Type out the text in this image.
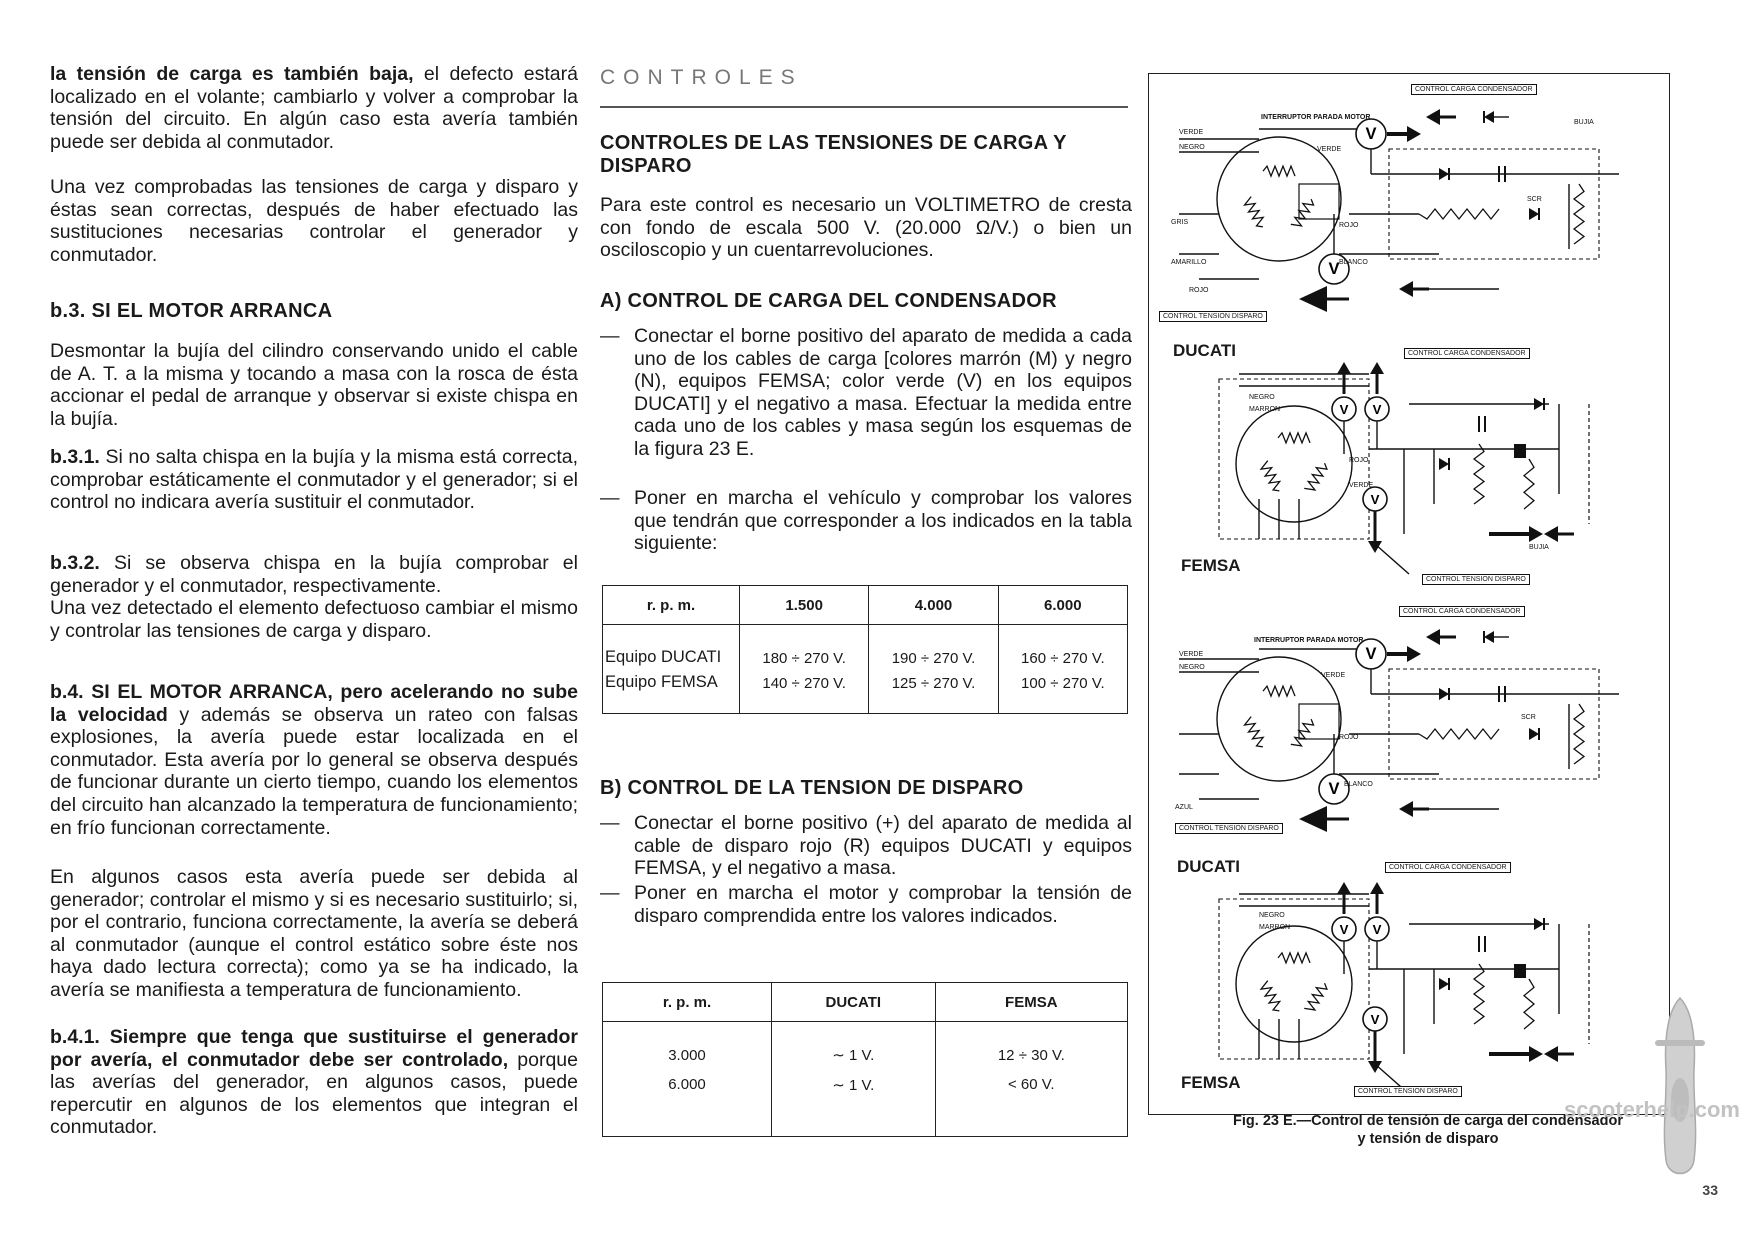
la tensión de carga es también baja, el defecto estará localizado en el volante; cambiarlo y volver a comprobar la tensión del circuito. En algún caso esta avería también puede ser debida al conmutador.

Una vez comprobadas las tensiones de carga y disparo y éstas sean correctas, después de haber efectuado las sustituciones necesarias controlar el generador y conmutador.

b.3. SI EL MOTOR ARRANCA

Desmontar la bujía del cilindro conservando unido el cable de A. T. a la misma y tocando a masa con la rosca de ésta accionar el pedal de arranque y observar si existe chispa en la bujía.

b.3.1. Si no salta chispa en la bujía y la misma está correcta, comprobar estáticamente el conmutador y el generador; si el control no indicara avería sustituir el conmutador.

b.3.2. Si se observa chispa en la bujía comprobar el generador y el conmutador, respectivamente.

Una vez detectado el elemento defectuoso cambiar el mismo y controlar las tensiones de carga y disparo.

b.4. SI EL MOTOR ARRANCA, pero acelerando no sube la velocidad y además se observa un rateo con falsas explosiones, la avería puede estar localizada en el conmutador. Esta avería por lo general se observa después de funcionar durante un cierto tiempo, cuando los elementos del circuito han alcanzado la temperatura de funcionamiento; en frío funcionan correctamente.

En algunos casos esta avería puede ser debida al generador; controlar el mismo y si es necesario sustituirlo; si, por el contrario, funciona correctamente, la avería se deberá al conmutador (aunque el control estático sobre éste nos haya dado lectura correcta); como ya se ha indicado, la avería se manifiesta a temperatura de funcionamiento.

b.4.1. Siempre que tenga que sustituirse el generador por avería, el conmutador debe ser controlado, porque las averías del generador, en algunos casos, puede repercutir en algunos de los elementos que integran el conmutador.

CONTROLES

CONTROLES DE LAS TENSIONES DE CARGA Y DISPARO

Para este control es necesario un VOLTIMETRO de cresta con fondo de escala 500 V. (20.000 Ω/V.) o bien un osciloscopio y un cuentarrevoluciones.

A) CONTROL DE CARGA DEL CONDENSADOR

— Conectar el borne positivo del aparato de medida a cada uno de los cables de carga [colores marrón (M) y negro (N), equipos FEMSA; color verde (V) en los equipos DUCATI] y el negativo a masa. Efectuar la medida entre cada uno de los cables y masa según los esquemas de la figura 23 E.
— Poner en marcha el vehículo y comprobar los valores que tendrán que corresponder a los indicados en la tabla siguiente:
r. p. m.	1.500	4.000	6.000
Equipo DUCATI	180 ÷ 270 V.	190 ÷ 270 V.	160 ÷ 270 V.
Equipo FEMSA	140 ÷ 270 V.	125 ÷ 270 V.	100 ÷ 270 V.

B) CONTROL DE LA TENSION DE DISPARO

— Conectar el borne positivo (+) del aparato de medida al cable de disparo rojo (R) equipos DUCATI y equipos FEMSA, y el negativo a masa.
— Poner en marcha el motor y comprobar la tensión de disparo comprendida entre los valores indicados.
r. p. m.	DUCATI	FEMSA
3.000	∼ 1 V.	12 ÷ 30 V.
6.000	∼ 1 V.	< 60 V.
V
V
V V
V
V
V
V V
V
DUCATI
FEMSA
DUCATI
FEMSA
CONTROL CARGA CONDENSADOR
CONTROL TENSION DISPARO
INTERRUPTOR PARADA MOTOR
BUJIA
VERDE
NEGRO
GRIS
AMARILLO
ROJO
ROJO
BLANCO
VERDE
SCR
CONTROL CARGA CONDENSADOR
CONTROL TENSION DISPARO
BUJIA
NEGRO
MARRON
ROJO
VERDE
CONTROL CARGA CONDENSADOR
CONTROL TENSION DISPARO
INTERRUPTOR PARADA MOTOR
VERDE
NEGRO
VERDE
ROJO
BLANCO
AZUL
SCR
CONTROL CARGA CONDENSADOR
CONTROL TENSION DISPARO
NEGRO
MARRON
Fig. 23 E.—Control de tensión de carga del condensador
y tensión de disparo
scooterhelp.com
33
